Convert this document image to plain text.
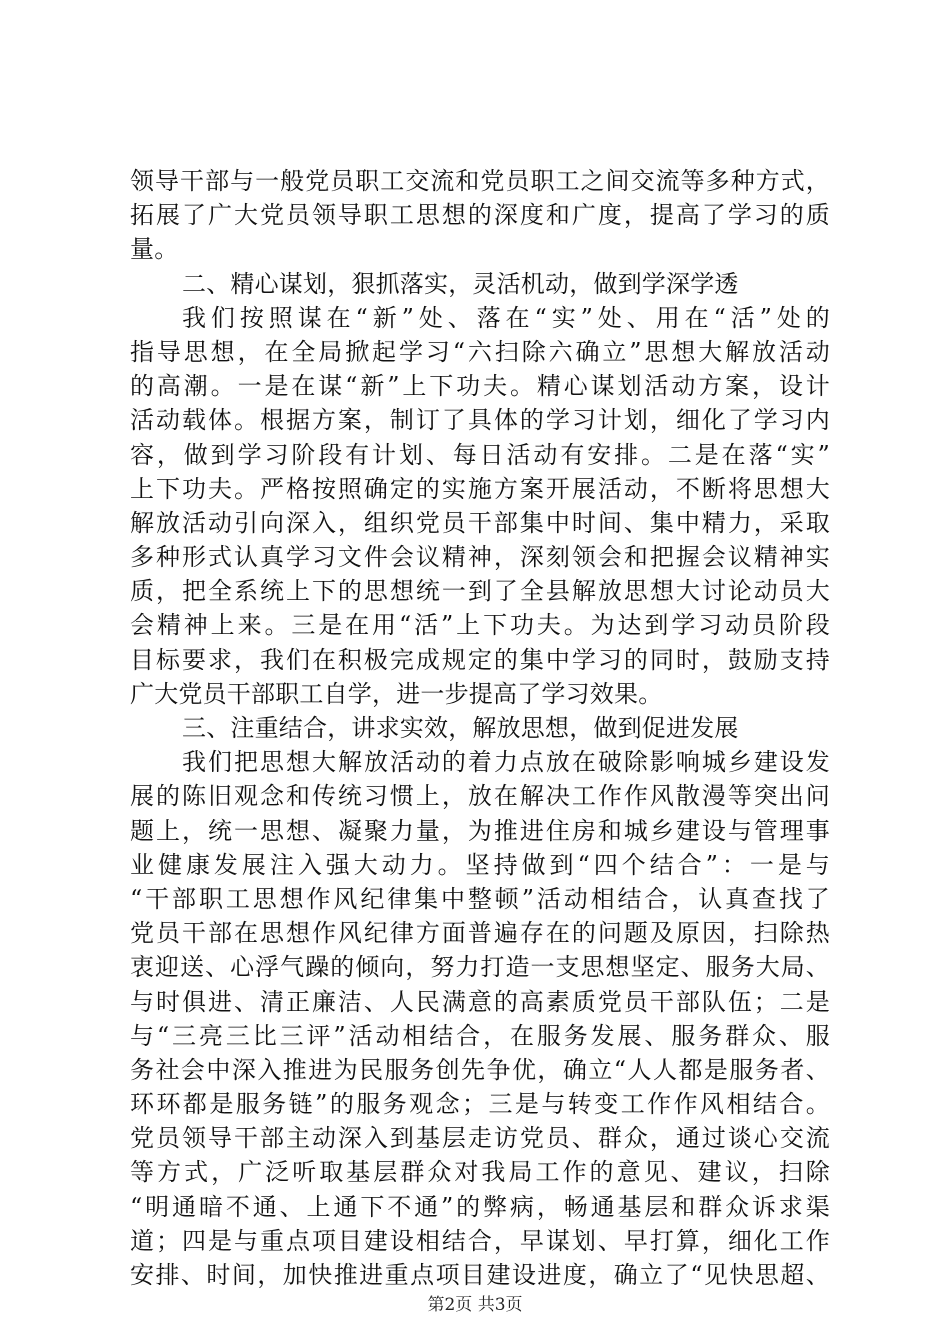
领导干部与一般党员职工交流和党员职工之间交流等多种方式，
拓展了广大党员领导职工思想的深度和广度，提高了学习的质
量。
二、精心谋划，狠抓落实，灵活机动，做到学深学透
我们按照谋在“新”处、落在“实”处、用在“活”处的
指导思想，在全局掀起学习“六扫除六确立”思想大解放活动
的高潮。一是在谋“新”上下功夫。精心谋划活动方案，设计
活动载体。根据方案，制订了具体的学习计划，细化了学习内
容，做到学习阶段有计划、每日活动有安排。二是在落“实”
上下功夫。严格按照确定的实施方案开展活动，不断将思想大
解放活动引向深入，组织党员干部集中时间、集中精力，采取
多种形式认真学习文件会议精神，深刻领会和把握会议精神实
质，把全系统上下的思想统一到了全县解放思想大讨论动员大
会精神上来。三是在用“活”上下功夫。为达到学习动员阶段
目标要求，我们在积极完成规定的集中学习的同时，鼓励支持
广大党员干部职工自学，进一步提高了学习效果。
三、注重结合，讲求实效，解放思想，做到促进发展
我们把思想大解放活动的着力点放在破除影响城乡建设发
展的陈旧观念和传统习惯上，放在解决工作作风散漫等突出问
题上，统一思想、凝聚力量，为推进住房和城乡建设与管理事
业健康发展注入强大动力。坚持做到“四个结合”：一是与
“干部职工思想作风纪律集中整顿”活动相结合，认真查找了
党员干部在思想作风纪律方面普遍存在的问题及原因，扫除热
衷迎送、心浮气躁的倾向，努力打造一支思想坚定、服务大局、
与时俱进、清正廉洁、人民满意的高素质党员干部队伍；二是
与“三亮三比三评”活动相结合，在服务发展、服务群众、服
务社会中深入推进为民服务创先争优，确立“人人都是服务者、
环环都是服务链”的服务观念；三是与转变工作作风相结合。
党员领导干部主动深入到基层走访党员、群众，通过谈心交流
等方式，广泛听取基层群众对我局工作的意见、建议，扫除
“明通暗不通、上通下不通”的弊病，畅通基层和群众诉求渠
道；四是与重点项目建设相结合，早谋划、早打算，细化工作
安排、时间，加快推进重点项目建设进度，确立了“见快思超、
第2页 共3页
